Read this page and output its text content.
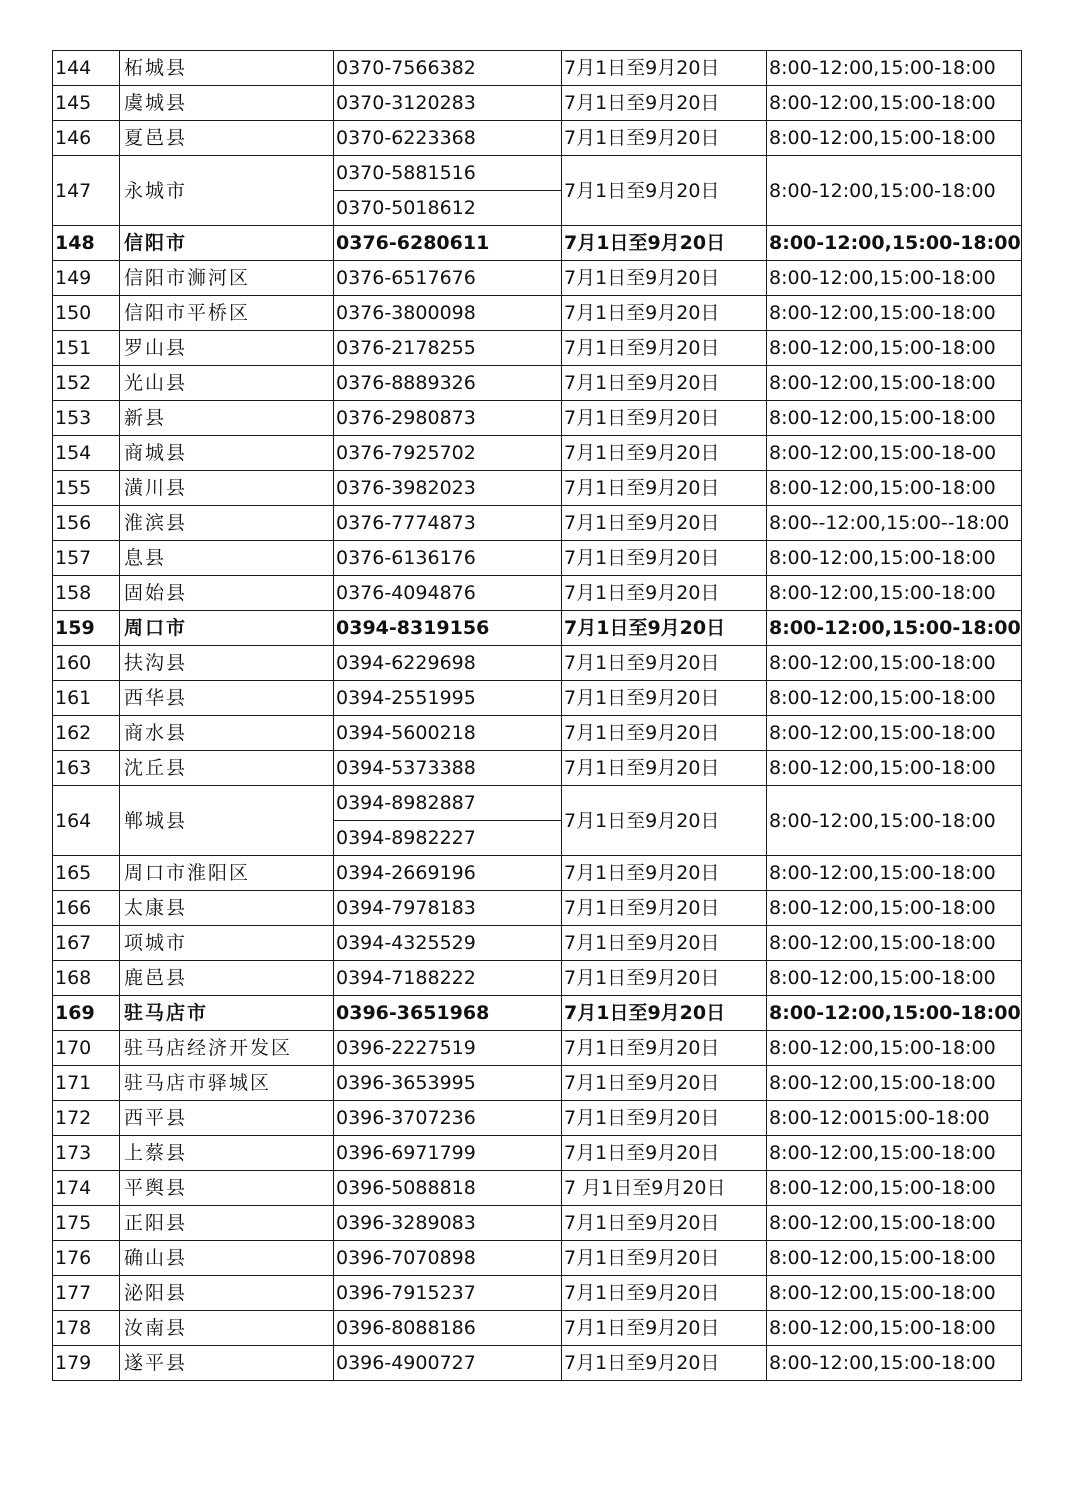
144	柘城县	0370-7566382	7月1日至9月20日	8:00-12:00,15:00-18:00
145	虞城县	0370-3120283	7月1日至9月20日	8:00-12:00,15:00-18:00
146	夏邑县	0370-6223368	7月1日至9月20日	8:00-12:00,15:00-18:00
147	永城市	0370-5881516	7月1日至9月20日	8:00-12:00,15:00-18:00
		0370-5018612		
148	信阳市	0376-6280611	7月1日至9月20日	8:00-12:00,15:00-18:00
149	信阳市浉河区	0376-6517676	7月1日至9月20日	8:00-12:00,15:00-18:00
150	信阳市平桥区	0376-3800098	7月1日至9月20日	8:00-12:00,15:00-18:00
151	罗山县	0376-2178255	7月1日至9月20日	8:00-12:00,15:00-18:00
152	光山县	0376-8889326	7月1日至9月20日	8:00-12:00,15:00-18:00
153	新县	0376-2980873	7月1日至9月20日	8:00-12:00,15:00-18:00
154	商城县	0376-7925702	7月1日至9月20日	8:00-12:00,15:00-18-00
155	潢川县	0376-3982023	7月1日至9月20日	8:00-12:00,15:00-18:00
156	淮滨县	0376-7774873	7月1日至9月20日	8:00--12:00,15:00--18:00
157	息县	0376-6136176	7月1日至9月20日	8:00-12:00,15:00-18:00
158	固始县	0376-4094876	7月1日至9月20日	8:00-12:00,15:00-18:00
159	周口市	0394-8319156	7月1日至9月20日	8:00-12:00,15:00-18:00
160	扶沟县	0394-6229698	7月1日至9月20日	8:00-12:00,15:00-18:00
161	西华县	0394-2551995	7月1日至9月20日	8:00-12:00,15:00-18:00
162	商水县	0394-5600218	7月1日至9月20日	8:00-12:00,15:00-18:00
163	沈丘县	0394-5373388	7月1日至9月20日	8:00-12:00,15:00-18:00
164	郸城县	0394-8982887	7月1日至9月20日	8:00-12:00,15:00-18:00
		0394-8982227		
165	周口市淮阳区	0394-2669196	7月1日至9月20日	8:00-12:00,15:00-18:00
166	太康县	0394-7978183	7月1日至9月20日	8:00-12:00,15:00-18:00
167	项城市	0394-4325529	7月1日至9月20日	8:00-12:00,15:00-18:00
168	鹿邑县	0394-7188222	7月1日至9月20日	8:00-12:00,15:00-18:00
169	驻马店市	0396-3651968	7月1日至9月20日	8:00-12:00,15:00-18:00
170	驻马店经济开发区	0396-2227519	7月1日至9月20日	8:00-12:00,15:00-18:00
171	驻马店市驿城区	0396-3653995	7月1日至9月20日	8:00-12:00,15:00-18:00
172	西平县	0396-3707236	7月1日至9月20日	8:00-12:0015:00-18:00
173	上蔡县	0396-6971799	7月1日至9月20日	8:00-12:00,15:00-18:00
174	平舆县	0396-5088818	7 月1日至9月20日	8:00-12:00,15:00-18:00
175	正阳县	0396-3289083	7月1日至9月20日	8:00-12:00,15:00-18:00
176	确山县	0396-7070898	7月1日至9月20日	8:00-12:00,15:00-18:00
177	泌阳县	0396-7915237	7月1日至9月20日	8:00-12:00,15:00-18:00
178	汝南县	0396-8088186	7月1日至9月20日	8:00-12:00,15:00-18:00
179	遂平县	0396-4900727	7月1日至9月20日	8:00-12:00,15:00-18:00
